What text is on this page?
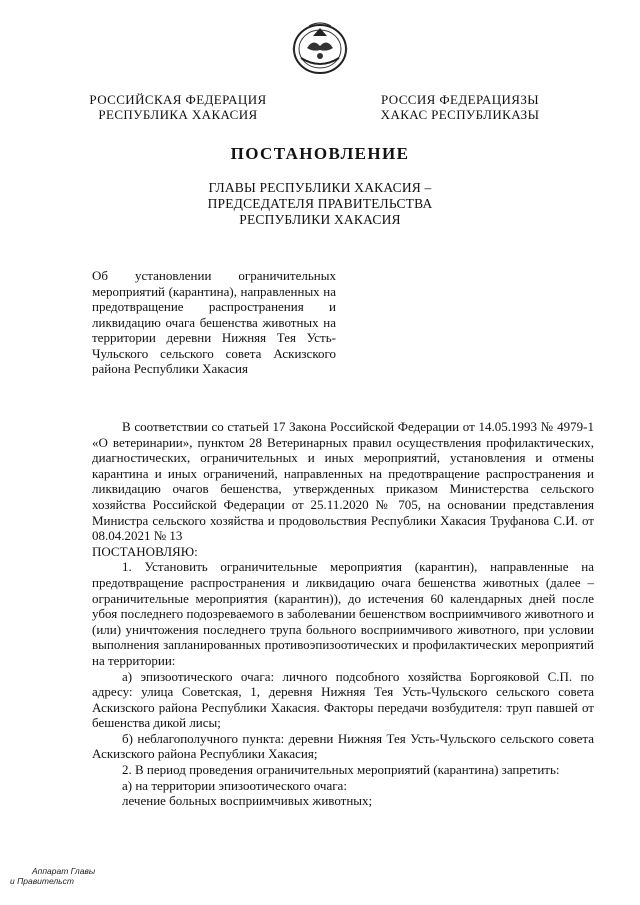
РОССИЙСКАЯ ФЕДЕРАЦИЯ
РЕСПУБЛИКА ХАКАСИЯ
РОССИЯ ФЕДЕРАЦИЯЗЫ
ХАКАС РЕСПУБЛИКАЗЫ
ПОСТАНОВЛЕНИЕ
ГЛАВЫ РЕСПУБЛИКИ ХАКАСИЯ –
ПРЕДСЕДАТЕЛЯ ПРАВИТЕЛЬСТВА
РЕСПУБЛИКИ ХАКАСИЯ
Об установлении ограничительных мероприятий (карантина), направленных на предотвращение распространения и ликвидацию очага бешенства животных на территории деревни Нижняя Тея Усть-Чульского сельского совета Аскизского района Республики Хакасия

В соответствии со статьей 17 Закона Российской Федерации от 14.05.1993 № 4979-1 «О ветеринарии», пунктом 28 Ветеринарных правил осуществления профилактических, диагностических, ограничительных и иных мероприятий, установления и отмены карантина и иных ограничений, направленных на предотвращение распространения и ликвидацию очагов бешенства, утвержденных приказом Министерства сельского хозяйства Российской Федерации от 25.11.2020 № 705, на основании представления Министра сельского хозяйства и продовольствия Республики Хакасия Труфанова С.И. от 08.04.2021 № 13

ПОСТАНОВЛЯЮ:

1. Установить ограничительные мероприятия (карантин), направленные на предотвращение распространения и ликвидацию очага бешенства животных (далее – ограничительные мероприятия (карантин)), до истечения 60 календарных дней после убоя последнего подозреваемого в заболевании бешенством восприимчивого животного и (или) уничтожения последнего трупа больного восприимчивого животного, при условии выполнения запланированных противоэпизоотических и профилактических мероприятий на территории:

а) эпизоотического очага: личного подсобного хозяйства Боргояковой С.П. по адресу: улица Советская, 1, деревня Нижняя Тея Усть-Чульского сельского совета Аскизского района Республики Хакасия. Факторы передачи возбудителя: труп павшей от бешенства дикой лисы;

б) неблагополучного пункта: деревни Нижняя Тея Усть-Чульского сельского совета Аскизского района Республики Хакасия;

2. В период проведения ограничительных мероприятий (карантина) запретить:

а) на территории эпизоотического очага:

лечение больных восприимчивых животных;

Аппарат Главы
и Правительст
